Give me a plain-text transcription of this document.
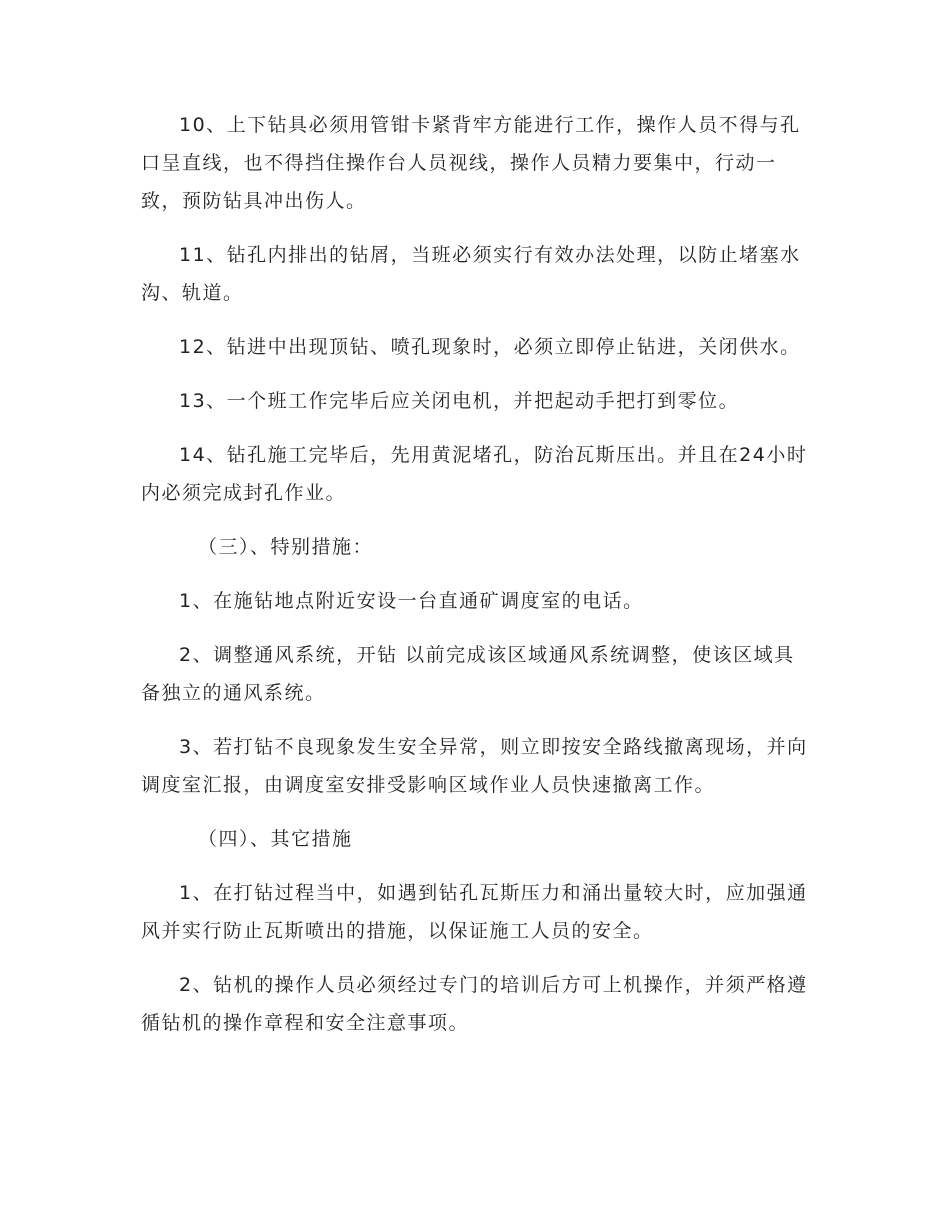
10、上下钻具必须用管钳卡紧背牢方能进行工作，操作人员不得与孔口呈直线，也不得挡住操作台人员视线，操作人员精力要集中，行动一致，预防钻具冲出伤人。

11、钻孔内排出的钻屑，当班必须实行有效办法处理，以防止堵塞水沟、轨道。

12、钻进中出现顶钻、喷孔现象时，必须立即停止钻进，关闭供水。

13、一个班工作完毕后应关闭电机，并把起动手把打到零位。

14、钻孔施工完毕后，先用黄泥堵孔，防治瓦斯压出。并且在24小时内必须完成封孔作业。

（三）、特别措施：

1、在施钻地点附近安设一台直通矿调度室的电话。

2、调整通风系统，开钻 以前完成该区域通风系统调整，使该区域具备独立的通风系统。

3、若打钻不良现象发生安全异常，则立即按安全路线撤离现场，并向调度室汇报，由调度室安排受影响区域作业人员快速撤离工作。

（四）、其它措施

1、在打钻过程当中，如遇到钻孔瓦斯压力和涌出量较大时，应加强通风并实行防止瓦斯喷出的措施，以保证施工人员的安全。

2、钻机的操作人员必须经过专门的培训后方可上机操作，并须严格遵循钻机的操作章程和安全注意事项。
